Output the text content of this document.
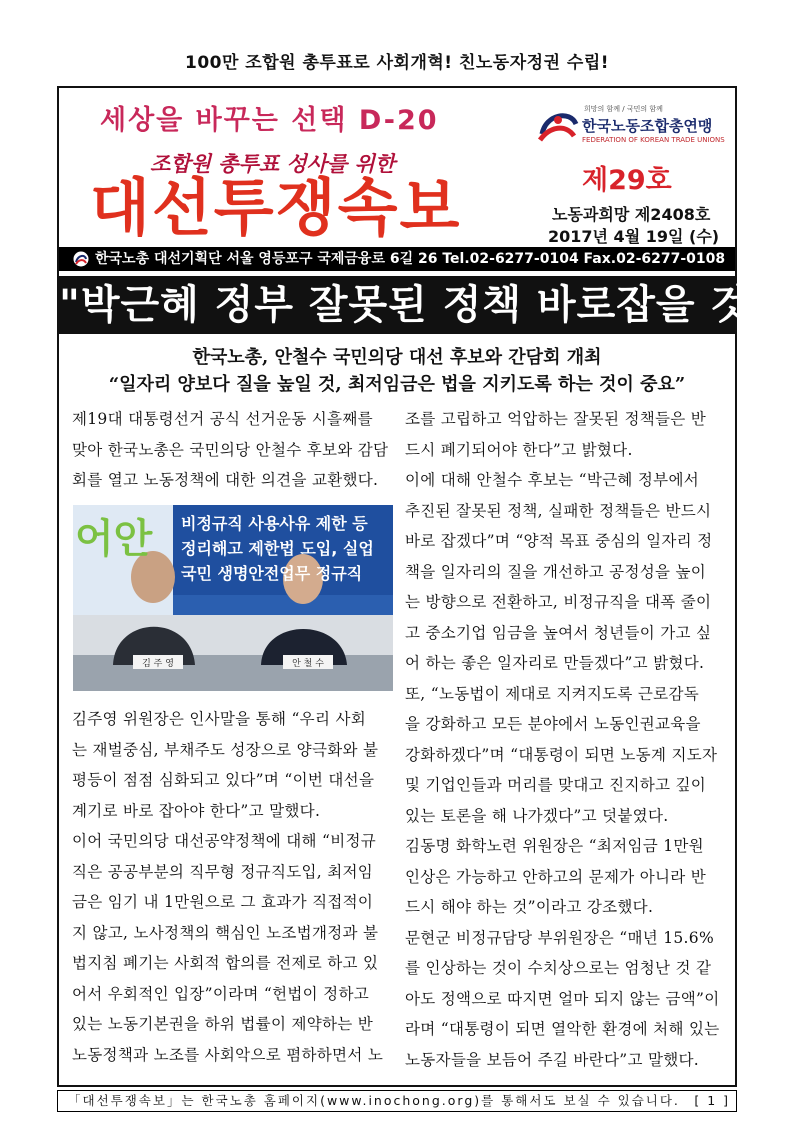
100만 조합원 총투표로 사회개혁! 친노동자정권 수립!
세상을 바꾸는 선택 D-20
조합원 총투표 성사를 위한
대선투쟁속보
희망의 함께 / 국민의 함께
한국노동조합총연맹
FEDERATION OF KOREAN TRADE UNIONS
제29호
노동과희망 제2408호
2017년 4월 19일 (수)
한국노총 대선기획단 서울 영등포구 국제금융로 6길 26 Tel.02-6277-0104 Fax.02-6277-0108
"박근혜 정부 잘못된 정책 바로잡을 것"
한국노총, 안철수 국민의당 대선 후보와 간담회 개최
“일자리 양보다 질을 높일 것, 최저임금은 법을 지키도록 하는 것이 중요”
제19대 대통령선거 공식 선거운동 시흘째를
맞아 한국노총은 국민의당 안철수 후보와 감담
회를 열고 노동정책에 대한 의견을 교환했다.
비정규직 사용사유 제한 등
정리해고 제한법 도입, 실업
국민 생명안전업무 정규직
어안
김 주 영	안 철 수
김주영 위원장은 인사말을 통해 “우리 사회
는 재벌중심, 부채주도 성장으로 양극화와 불
평등이 점점 심화되고 있다”며 “이번 대선을
계기로 바로 잡아야 한다”고 말했다.
이어 국민의당 대선공약정책에 대해 “비정규
직은 공공부분의 직무형 정규직도입, 최저임
금은 임기 내 1만원으로 그 효과가 직접적이
지 않고, 노사정책의 핵심인 노조법개정과 불
법지침 폐기는 사회적 합의를 전제로 하고 있
어서 우회적인 입장”이라며 “헌법이 정하고
있는 노동기본권을 하위 법률이 제약하는 반
노동정책과 노조를 사회악으로 폄하하면서 노
조를 고립하고 억압하는 잘못된 정책들은 반
드시 폐기되어야 한다”고 밝혔다.
이에 대해 안철수 후보는 “박근혜 정부에서
추진된 잘못된 정책, 실패한 정책들은 반드시
바로 잡겠다”며 “양적 목표 중심의 일자리 정
책을 일자리의 질을 개선하고 공정성을 높이
는 방향으로 전환하고, 비정규직을 대폭 줄이
고 중소기업 임금을 높여서 청년들이 가고 싶
어 하는 좋은 일자리로 만들겠다”고 밝혔다.
또, “노동법이 제대로 지켜지도록 근로감독
을 강화하고 모든 분야에서 노동인권교육을
강화하겠다”며 “대통령이 되면 노동계 지도자
및 기업인들과 머리를 맞대고 진지하고 깊이
있는 토론을 해 나가겠다”고 덧붙였다.
김동명 화학노련 위원장은 “최저임금 1만원
인상은 가능하고 안하고의 문제가 아니라 반
드시 해야 하는 것”이라고 강조했다.
문현군 비정규담당 부위원장은 “매년 15.6%
를 인상하는 것이 수치상으로는 엄청난 것 같
아도 정액으로 따지면 얼마 되지 않는 금액”이
라며 “대통령이 되면 열악한 환경에 처해 있는
노동자들을 보듬어 주길 바란다”고 말했다.
「대선투쟁속보」는 한국노총 홈페이지(www.inochong.org)를 통해서도 보실 수 있습니다.	[ 1 ]
